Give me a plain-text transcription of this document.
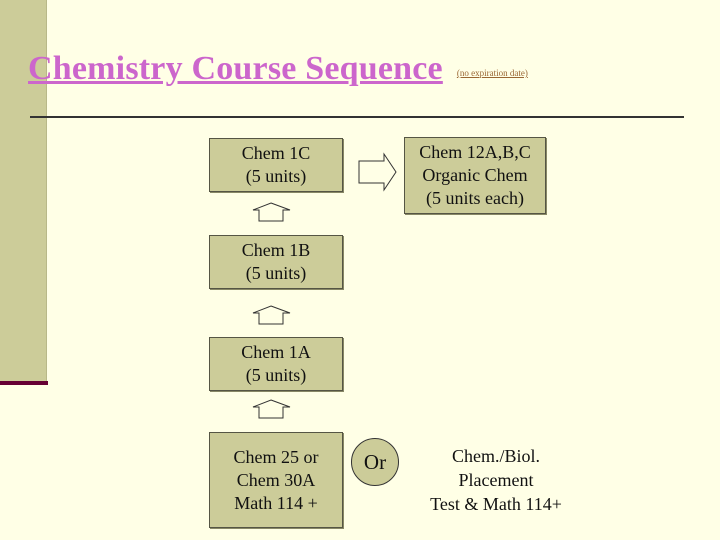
Chemistry Course Sequence (no expiration date)
Chem 1C
(5 units)
Chem 12A,B,C
Organic Chem
(5 units each)
Chem 1B
(5 units)
Chem 1A
(5 units)
Chem 25 or
Chem 30A
Math 114 +
Or	Chem./Biol.
Placement
Test & Math 114+
